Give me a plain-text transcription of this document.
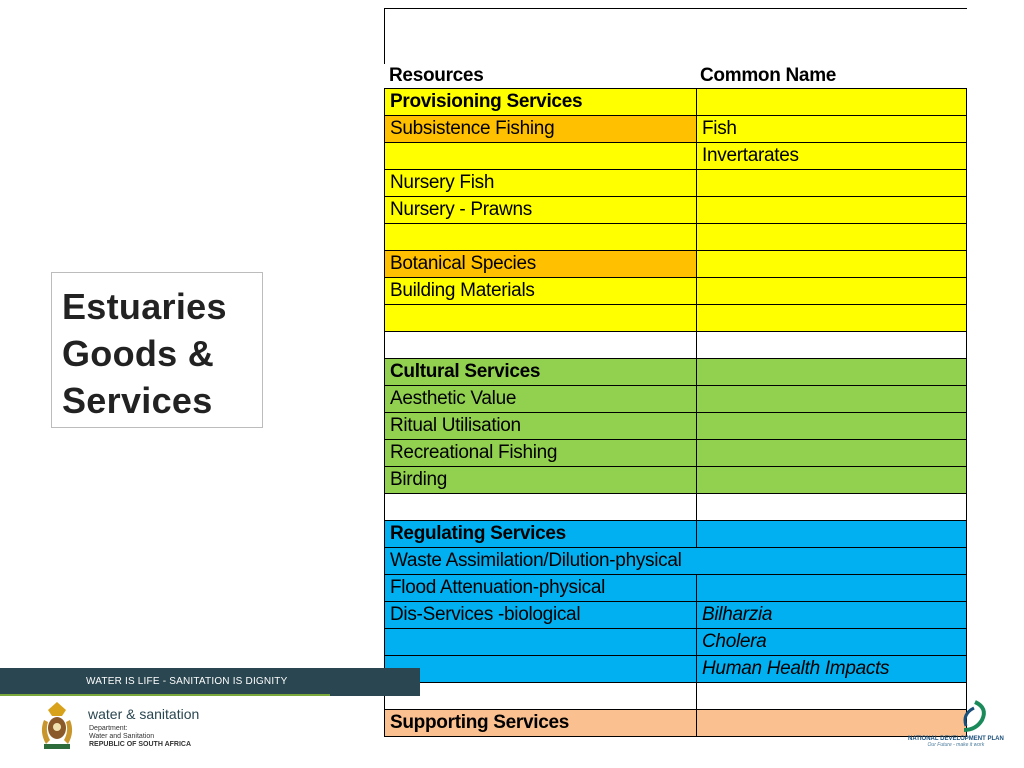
Estuaries
Goods &
Services
Resources	Common Name
Provisioning Services	
Subsistence Fishing	Fish
	Invertarates
Nursery Fish	
Nursery - Prawns	

Botanical Species	
Building Materials	

Cultural Services	
Aesthetic Value	
Ritual Utilisation	
Recreational Fishing	
Birding	

Regulating Services	
Waste Assimilation/Dilution-physical	
Flood Attenuation-physical	
Dis-Services -biological	Bilharzia
	Cholera
	Human Health Impacts

Supporting Services	
WATER IS LIFE - SANITATION IS DIGNITY
water & sanitation
Department:
Water and Sanitation
REPUBLIC OF SOUTH AFRICA
NATIONAL DEVELOPMENT PLAN
Our Future - make it work
